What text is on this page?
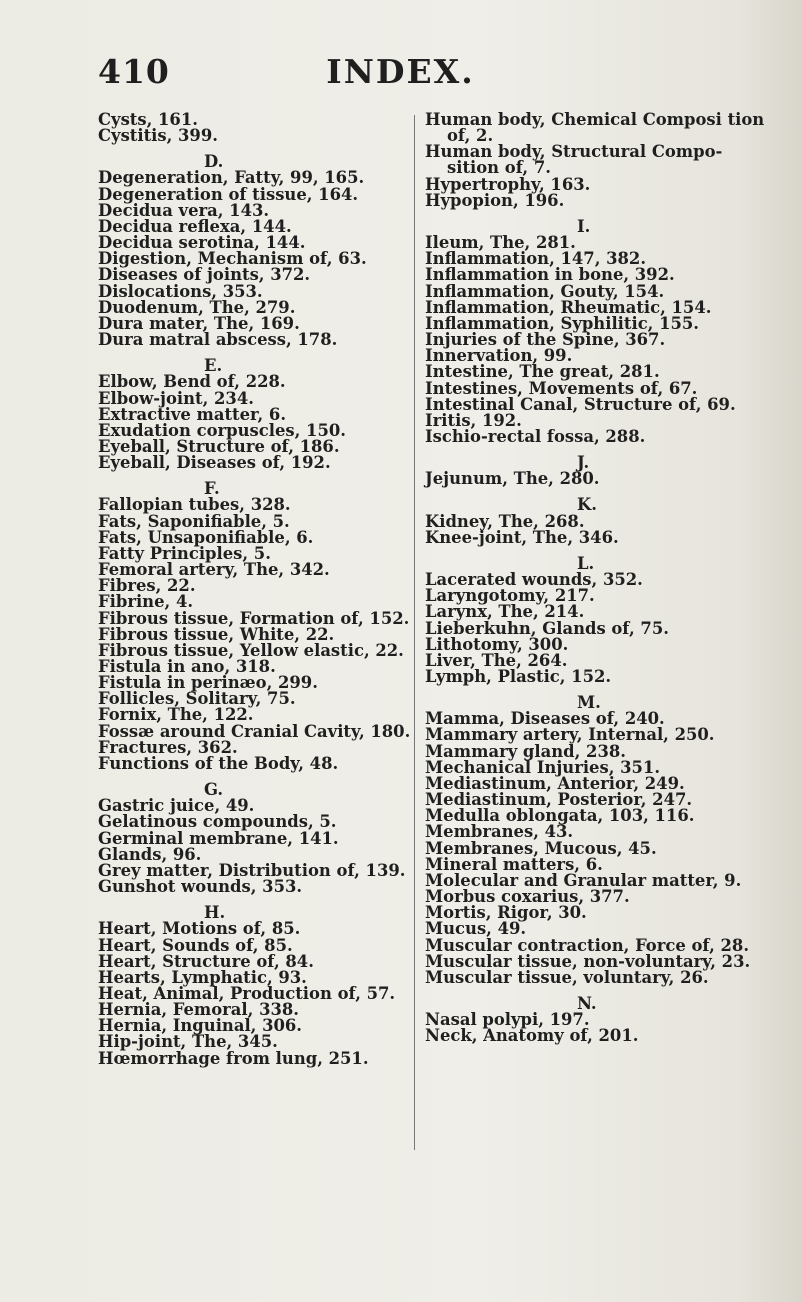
410	INDEX.
Cysts, 161.
Cystitis, 399.
D.
Degeneration, Fatty, 99, 165.
Degeneration of tissue, 164.
Decidua vera, 143.
Decidua reflexa, 144.
Decidua serotina, 144.
Digestion, Mechanism of, 63.
Diseases of joints, 372.
Dislocations, 353.
Duodenum, The, 279.
Dura mater, The, 169.
Dura matral abscess, 178.
E.
Elbow, Bend of, 228.
Elbow-joint, 234.
Extractive matter, 6.
Exudation corpuscles, 150.
Eyeball, Structure of, 186.
Eyeball, Diseases of, 192.
F.
Fallopian tubes, 328.
Fats, Saponifiable, 5.
Fats, Unsaponifiable, 6.
Fatty Principles, 5.
Femoral artery, The, 342.
Fibres, 22.
Fibrine, 4.
Fibrous tissue, Formation of, 152.
Fibrous tissue, White, 22.
Fibrous tissue, Yellow elastic, 22.
Fistula in ano, 318.
Fistula in perinæo, 299.
Follicles, Solitary, 75.
Fornix, The, 122.
Fossæ around Cranial Cavity, 180.
Fractures, 362.
Functions of the Body, 48.
G.
Gastric juice, 49.
Gelatinous compounds, 5.
Germinal membrane, 141.
Glands, 96.
Grey matter, Distribution of, 139.
Gunshot wounds, 353.
H.
Heart, Motions of, 85.
Heart, Sounds of, 85.
Heart, Structure of, 84.
Hearts, Lymphatic, 93.
Heat, Animal, Production of, 57.
Hernia, Femoral, 338.
Hernia, Inguinal, 306.
Hip-joint, The, 345.
Hœmorrhage from lung, 251.
Human body, Chemical Composi tion of, 2.
Human body, Structural Compo- sition of, 7.
Hypertrophy, 163.
Hypopion, 196.
I.
Ileum, The, 281.
Inflammation, 147, 382.
Inflammation in bone, 392.
Inflammation, Gouty, 154.
Inflammation, Rheumatic, 154.
Inflammation, Syphilitic, 155.
Injuries of the Spine, 367.
Innervation, 99.
Intestine, The great, 281.
Intestines, Movements of, 67.
Intestinal Canal, Structure of, 69.
Iritis, 192.
Ischio-rectal fossa, 288.
J.
Jejunum, The, 280.
K.
Kidney, The, 268.
Knee-joint, The, 346.
L.
Lacerated wounds, 352.
Laryngotomy, 217.
Larynx, The, 214.
Lieberkuhn, Glands of, 75.
Lithotomy, 300.
Liver, The, 264.
Lymph, Plastic, 152.
M.
Mamma, Diseases of, 240.
Mammary artery, Internal, 250.
Mammary gland, 238.
Mechanical Injuries, 351.
Mediastinum, Anterior, 249.
Mediastinum, Posterior, 247.
Medulla oblongata, 103, 116.
Membranes, 43.
Membranes, Mucous, 45.
Mineral matters, 6.
Molecular and Granular matter, 9.
Morbus coxarius, 377.
Mortis, Rigor, 30.
Mucus, 49.
Muscular contraction, Force of, 28.
Muscular tissue, non-voluntary, 23.
Muscular tissue, voluntary, 26.
N.
Nasal polypi, 197.
Neck, Anatomy of, 201.
